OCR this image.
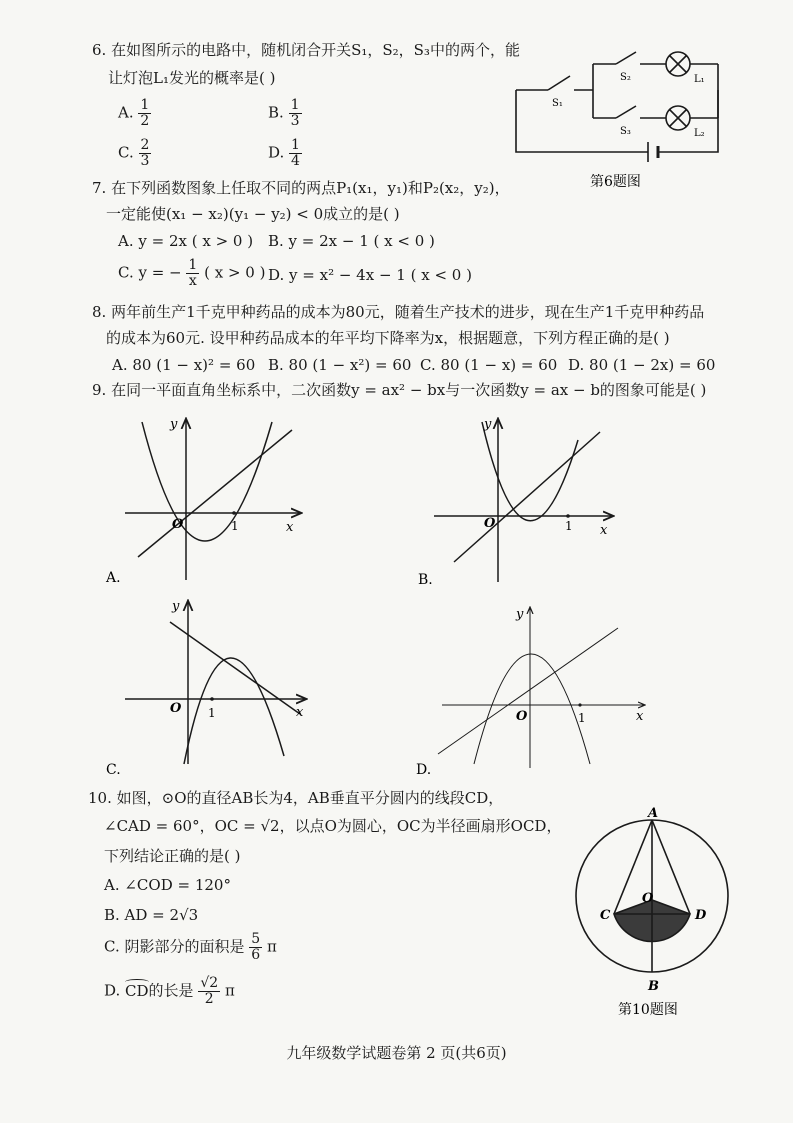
6. 在如图所示的电路中，随机闭合开关S₁，S₂，S₃中的两个，能
让灯泡L₁发光的概率是( )
A. $\frac{1}{2}$	B. $\frac{1}{3}$
C. $\frac{2}{3}$	D. $\frac{1}{4}$
S₁
S₂
S₃
L₁
L₂
第6题图
7. 在下列函数图象上任取不同的两点P₁(x₁，y₁)和P₂(x₂，y₂)，
一定能使(x₁ − x₂)(y₁ − y₂) < 0成立的是( )
A. y = 2x ( x > 0 ) B. y = 2x − 1 ( x < 0 )
C. y = − $\frac{1}{x}$ ( x > 0 ) D. y = x² − 4x − 1 ( x < 0 )
8. 两年前生产1千克甲种药品的成本为80元，随着生产技术的进步，现在生产1千克甲种药品
的成本为60元. 设甲种药品成本的年平均下降率为x，根据题意，下列方程正确的是( )
A. 80 (1 − x)² = 60 B. 80 (1 − x²) = 60 C. 80 (1 − x) = 60 D. 80 (1 − 2x) = 60
9. 在同一平面直角坐标系中，二次函数y = ax² − bx与一次函数y = ax − b的图象可能是( )
O	1	x
y
A.
O	1 x
y
B.
O 1	x
y
C.
O	1	x
y
D.
10. 如图，⊙O的直径AB长为4，AB垂直平分圆内的线段CD，
∠CAD = 60°，OC = √2，以点O为圆心，OC为半径画扇形OCD，
下列结论正确的是( )
A. ∠COD = 120°
B. AD = 2√3
C. 阴影部分的面积是 $\frac{5}{6}$ π
D.
CD的长是 $\frac{√2}{2}$ π
A
B
C	D
O
第10题图
九年级数学试题卷第 2 页(共6页)
